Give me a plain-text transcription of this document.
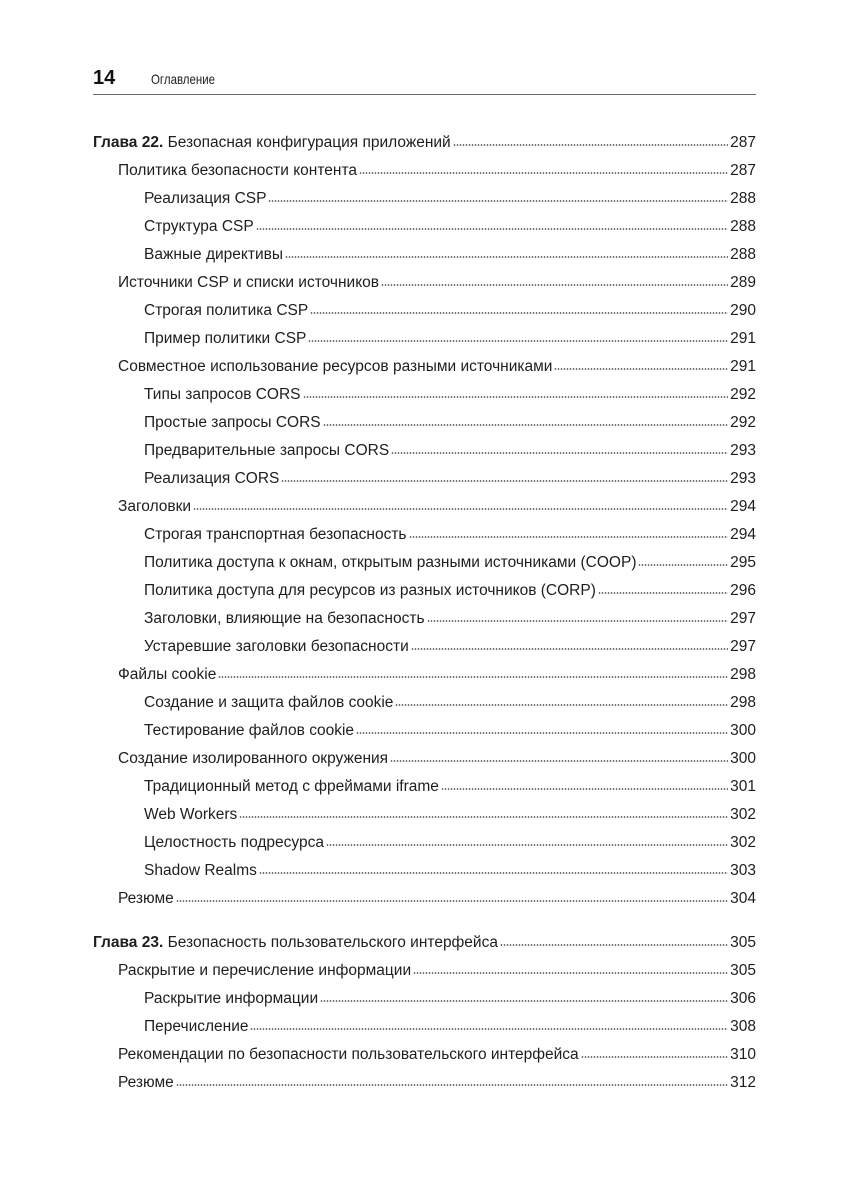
14	Оглавление
Глава 22. Безопасная конфигурация приложений	287
Политика безопасности контента	287
Реализация CSP	288
Структура CSP	288
Важные директивы	288
Источники CSP и списки источников	289
Строгая политика CSP	290
Пример политики CSP	291
Совместное использование ресурсов разными источниками	291
Типы запросов CORS	292
Простые запросы CORS	292
Предварительные запросы CORS	293
Реализация CORS	293
Заголовки	294
Строгая транспортная безопасность	294
Политика доступа к окнам, открытым разными источниками (COOP)	295
Политика доступа для ресурсов из разных источников (CORP)	296
Заголовки, влияющие на безопасность	297
Устаревшие заголовки безопасности	297
Файлы cookie	298
Создание и защита файлов cookie	298
Тестирование файлов cookie	300
Создание изолированного окружения	300
Традиционный метод с фреймами iframe	301
Web Workers	302
Целостность подресурса	302
Shadow Realms	303
Резюме	304
Глава 23. Безопасность пользовательского интерфейса	305
Раскрытие и перечисление информации	305
Раскрытие информации	306
Перечисление	308
Рекомендации по безопасности пользовательского интерфейса	310
Резюме	312
